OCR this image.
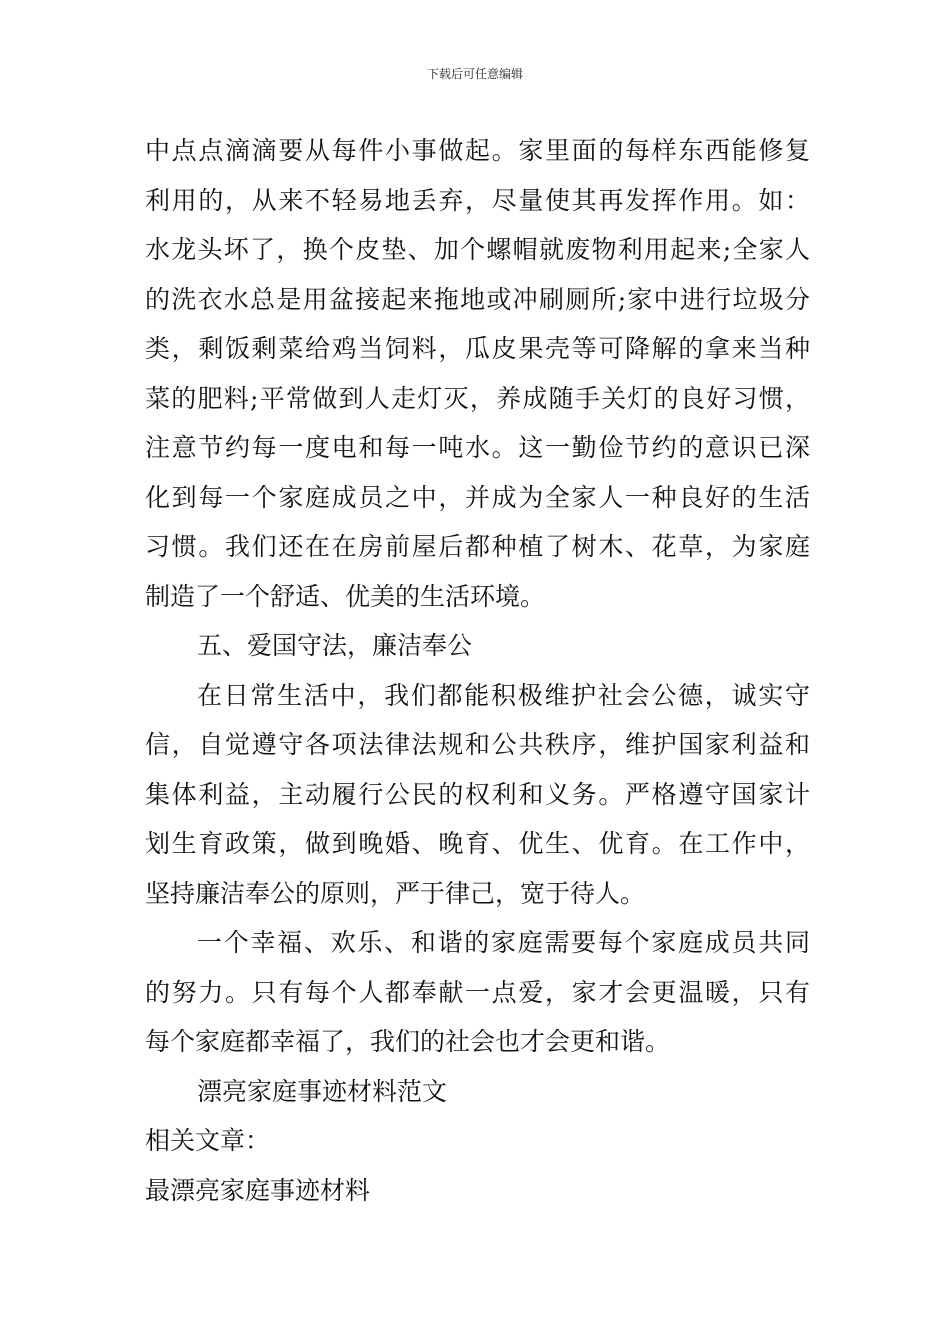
下载后可任意编辑
中点点滴滴要从每件小事做起。家里面的每样东西能修复
利用的，从来不轻易地丢弃，尽量使其再发挥作用。如：
水龙头坏了，换个皮垫、加个螺帽就废物利用起来;全家人
的洗衣水总是用盆接起来拖地或冲刷厕所;家中进行垃圾分
类，剩饭剩菜给鸡当饲料，瓜皮果壳等可降解的拿来当种
菜的肥料;平常做到人走灯灭，养成随手关灯的良好习惯，
注意节约每一度电和每一吨水。这一勤俭节约的意识已深
化到每一个家庭成员之中，并成为全家人一种良好的生活
习惯。我们还在在房前屋后都种植了树木、花草，为家庭
制造了一个舒适、优美的生活环境。
五、爱国守法，廉洁奉公
在日常生活中，我们都能积极维护社会公德，诚实守
信，自觉遵守各项法律法规和公共秩序，维护国家利益和
集体利益，主动履行公民的权利和义务。严格遵守国家计
划生育政策，做到晚婚、晚育、优生、优育。在工作中，
坚持廉洁奉公的原则，严于律己，宽于待人。
一个幸福、欢乐、和谐的家庭需要每个家庭成员共同
的努力。只有每个人都奉献一点爱，家才会更温暖，只有
每个家庭都幸福了，我们的社会也才会更和谐。
漂亮家庭事迹材料范文
相关文章：
最漂亮家庭事迹材料
